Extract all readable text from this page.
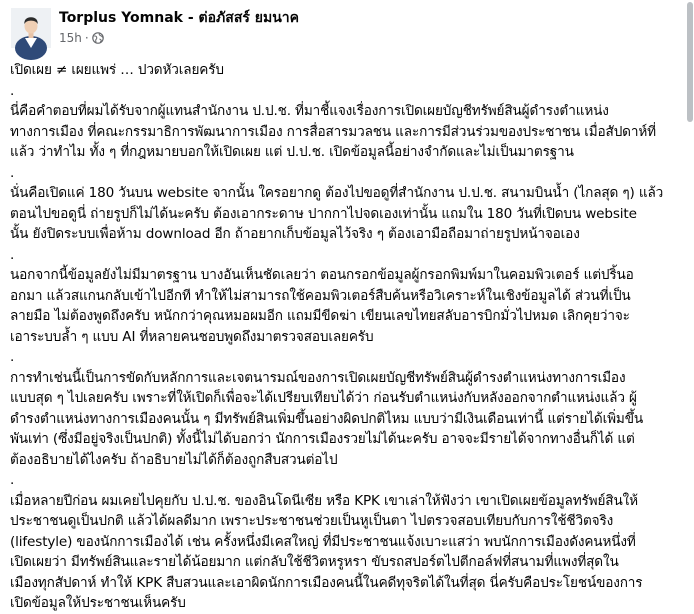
Torplus Yomnak - ต่อภัสสร์ ยมนาค
15h ·
เปิดเผย ≠ เผยแพร่ … ปวดหัวเลยครับ
.
นี่คือคำตอบที่ผมได้รับจากผู้แทนสำนักงาน ป.ป.ช. ที่มาชี้แจงเรื่องการเปิดเผยบัญชีทรัพย์สินผู้ดำรงตำแหน่ง
ทางการเมือง ที่คณะกรรมาธิการพัฒนาการเมือง การสื่อสารมวลชน และการมีส่วนร่วมของประชาชน เมื่อสัปดาห์ที่
แล้ว ว่าทำไม ทั้ง ๆ ที่กฎหมายบอกให้เปิดเผย แต่ ป.ป.ช. เปิดข้อมูลนี้อย่างจำกัดและไม่เป็นมาตรฐาน
.
นั่นคือเปิดแค่ 180 วันบน website จากนั้น ใครอยากดู ต้องไปขอดูที่สำนักงาน ป.ป.ช. สนามบินน้ำ (ไกลสุด ๆ) แล้ว
ตอนไปขอดูนี่ ถ่ายรูปก็ไม่ได้นะครับ ต้องเอากระดาษ ปากกาไปจดเองเท่านั้น แถมใน 180 วันที่เปิดบน website
นั้น ยังปิดระบบเพื่อห้าม download อีก ถ้าอยากเก็บข้อมูลไว้จริง ๆ ต้องเอามือถือมาถ่ายรูปหน้าจอเอง
.
นอกจากนี้ข้อมูลยังไม่มีมาตรฐาน บางอันเห็นชัดเลยว่า ตอนกรอกข้อมูลผู้กรอกพิมพ์มาในคอมพิวเตอร์ แต่ปริ้นอ
อกมา แล้วสแกนกลับเข้าไปอีกที ทำให้ไม่สามารถใช้คอมพิวเตอร์สืบค้นหรือวิเคราะห์ในเชิงข้อมูลได้ ส่วนที่เป็น
ลายมือ ไม่ต้องพูดถึงครับ หนักกว่าคุณหมอผมอีก แถมมีขีดฆ่า เขียนเลขไทยสลับอารบิกมั่วไปหมด เลิกคุยว่าจะ
เอาระบบล้ำ ๆ แบบ AI ที่หลายคนชอบพูดถึงมาตรวจสอบเลยครับ
.
การทำเช่นนี้เป็นการขัดกับหลักการและเจตนารมณ์ของการเปิดเผยบัญชีทรัพย์สินผู้ดำรงตำแหน่งทางการเมือง
แบบสุด ๆ ไปเลยครับ เพราะที่ให้เปิดก็เพื่อจะได้เปรียบเทียบได้ว่า ก่อนรับตำแหน่งกับหลังออกจากตำแหน่งแล้ว ผู้
ดำรงตำแหน่งทางการเมืองคนนั้น ๆ มีทรัพย์สินเพิ่มขึ้นอย่างผิดปกติไหม แบบว่ามีเงินเดือนเท่านี้ แต่รายได้เพิ่มขึ้น
พันเท่า (ซึ่งมีอยู่จริงเป็นปกติ) ทั้งนี้ไม่ได้บอกว่า นักการเมืองรวยไม่ได้นะครับ อาจจะมีรายได้จากทางอื่นก็ได้ แต่
ต้องอธิบายได้ไงครับ ถ้าอธิบายไม่ได้ก็ต้องถูกสืบสวนต่อไป
.
เมื่อหลายปีก่อน ผมเคยไปคุยกับ ป.ป.ช. ของอินโดนีเซีย หรือ KPK เขาเล่าให้ฟังว่า เขาเปิดเผยข้อมูลทรัพย์สินให้
ประชาชนดูเป็นปกติ แล้วได้ผลดีมาก เพราะประชาชนช่วยเป็นหูเป็นตา ไปตรวจสอบเทียบกับการใช้ชีวิตจริง
(lifestyle) ของนักการเมืองได้ เช่น ครั้งหนึ่งมีเคสใหญ่ ที่มีประชาชนแจ้งเบาะแสว่า พบนักการเมืองดังคนหนึ่งที่
เปิดเผยว่า มีทรัพย์สินและรายได้น้อยมาก แต่กลับใช้ชีวิตหรูหรา ขับรถสปอร์ตไปตีกอล์ฟที่สนามที่แพงที่สุดใน
เมืองทุกสัปดาห์ ทำให้ KPK สืบสวนและเอาผิดนักการเมืองคนนี้ในคดีทุจริตได้ในที่สุด นี่ครับคือประโยชน์ของการ
เปิดข้อมูลให้ประชาชนเห็นครับ
